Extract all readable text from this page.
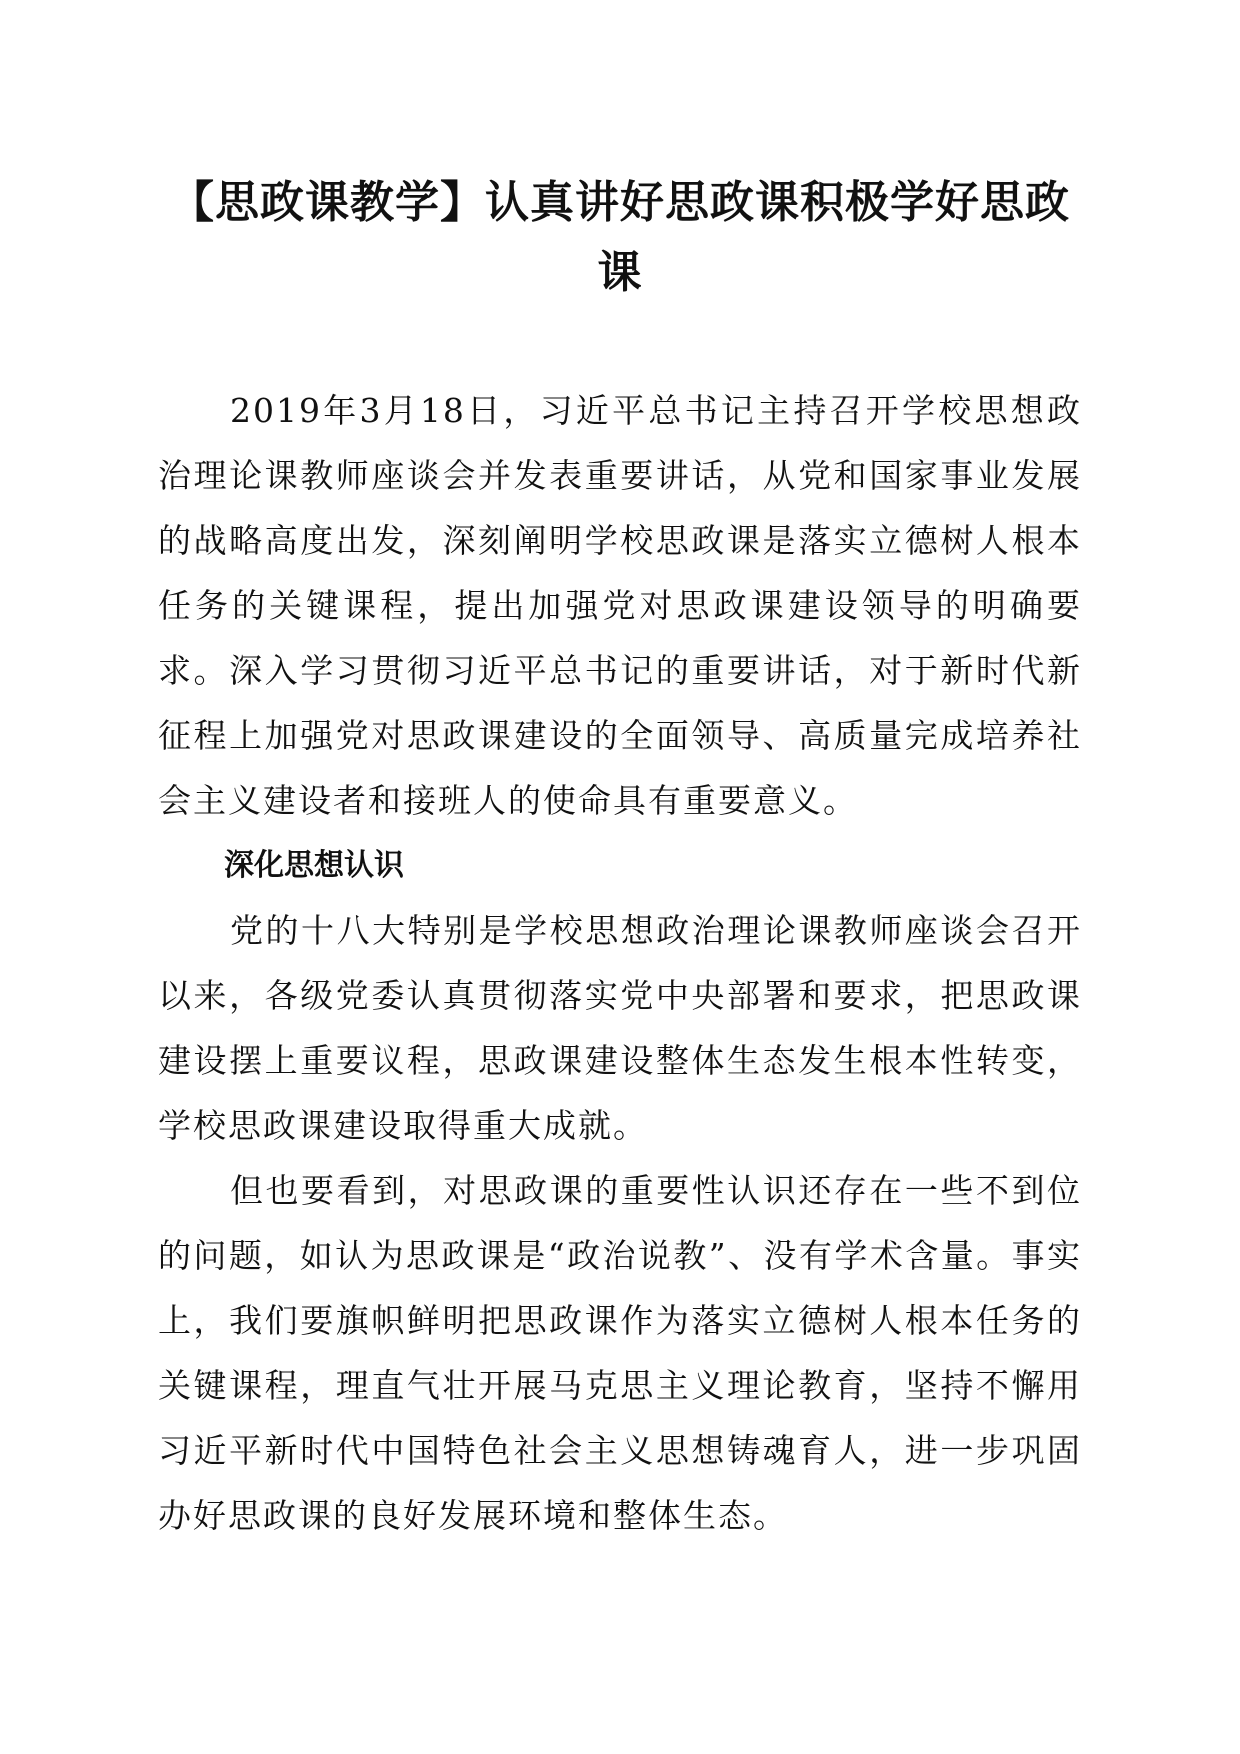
【思政课教学】认真讲好思政课积极学好思政课

2019年3月18日，习近平总书记主持召开学校思想政治理论课教师座谈会并发表重要讲话，从党和国家事业发展的战略高度出发，深刻阐明学校思政课是落实立德树人根本任务的关键课程，提出加强党对思政课建设领导的明确要求。深入学习贯彻习近平总书记的重要讲话，对于新时代新征程上加强党对思政课建设的全面领导、高质量完成培养社会主义建设者和接班人的使命具有重要意义。

深化思想认识

党的十八大特别是学校思想政治理论课教师座谈会召开以来，各级党委认真贯彻落实党中央部署和要求，把思政课建设摆上重要议程，思政课建设整体生态发生根本性转变，学校思政课建设取得重大成就。

但也要看到，对思政课的重要性认识还存在一些不到位的问题，如认为思政课是“政治说教”、没有学术含量。事实上，我们要旗帜鲜明把思政课作为落实立德树人根本任务的关键课程，理直气壮开展马克思主义理论教育，坚持不懈用习近平新时代中国特色社会主义思想铸魂育人，进一步巩固办好思政课的良好发展环境和整体生态。
